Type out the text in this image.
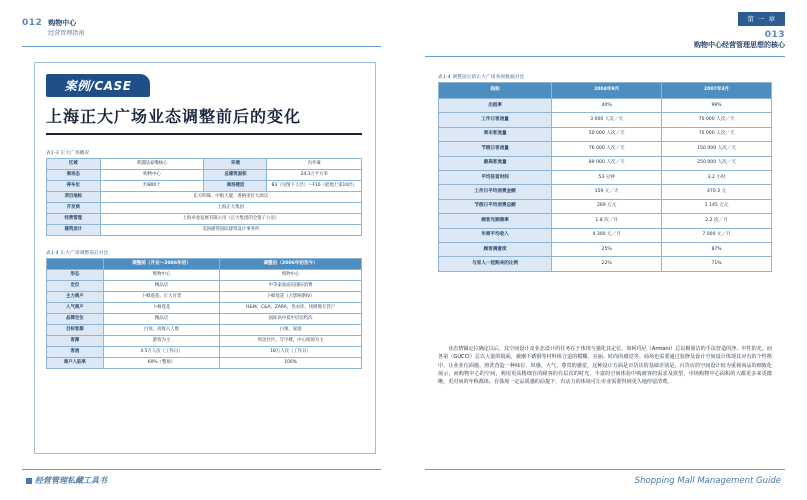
012 购物中心
经营管理指南
案例/CASE
上海正大广场业态调整前后的变化
表1-3 正大广场概况
区域	黄浦陆家嘴核心	环境	内外兼
商场态	购物中心	总建筑面积	24.3万平方米
停车位	约800个	商场楼层	B3（见图下３层）～F10（把地上第10层）
项目地标	东方明珠、中银大厦、香格里拉大酒店		
开发商	上海正大集团		
经营管理	上海卓卷发展有限公司（正大集团的全资子公司）		
建筑设计	美国捷得国际建筑设计事务所		
表1-4 正大广场调整前后对比
	调整前（开业～2006年初）	调整后（2006年初至今）
形态	购物中心	购物中心
定位	精品店	中等家庭面向国际消费
主力商户	卜蜂莲花、正大百货	卜蜂莲花（占影响系Ⅳ）
人气商户	卜蜂莲花	H&M、C&A、ZARA、优衣库、汤姆熊专营户
品牌定位	精品店	国际高中低中层次档次
目标客源	白领、高收入人群	白领、家庭
客源	游客为主	周边社区、写字楼、中心商场为主
客流	4.5万人次（工作日）	18万人次（工作日）
商户入驻率	60%（整场）	100%
经营管理私藏工具书
第 一 章
013
购物中心经营管理思想的核心
表1-4 调整前后的正大广场各项数据对比
指标	2004年9月	2007年3月
出租率	40%	99%
工作日客流量	3 000 人次／天	70 000 人次／天
周末客流量	50 000 人次／天	70 000 人次／天
节假日客流量	76 000 人次／天	150 000 人次／天
最高客流量	89 000 人次／天	250 000 人次／天
平均驻留时间	53 分钟	3.2 小时
工作日平均消费金额	159 元／天	470.3 元
节假日平均消费总额	269 万元	1 145 万元
顾客光顾频率	1.8 次／月	2.2 次／月
年商平均收入	4 300 元／月	7 000 元／月
顾客满意度	25%	87%
与家人一起购来的比例	22%	71%

业态禁锢定位确定以后，其空间设计及业态设计的任务在于体现与强化其定位。如阿玛尼（Armani）总以极简洁的手法营造的净、中性的光、而各第（GUCCI）总以大量的镜面，被潮不锈钢等材料组合造的模糊、亮丽、时尚的感觉等。商场也需要通过装修及设计空间设计体现其应有的个性格中、让业业位面施、照洗营造一种味位、奴感、大气、尊贵的感觉。这种设计方面是百货店的基础差别是，百货店的空间设计较为重视商品的细致化展示，而购物中心的空间，利用更高精细自的顾客的有层次的时光、丰富的空间体验中购被客的需求及欲望，中场购物中心面积的大都更多来更微晰，更对间的年称都体。在体现一定品质感的前提下，有活力的体境可让市业需要得到更久地停留清费。

Shopping Mall Management Guide
